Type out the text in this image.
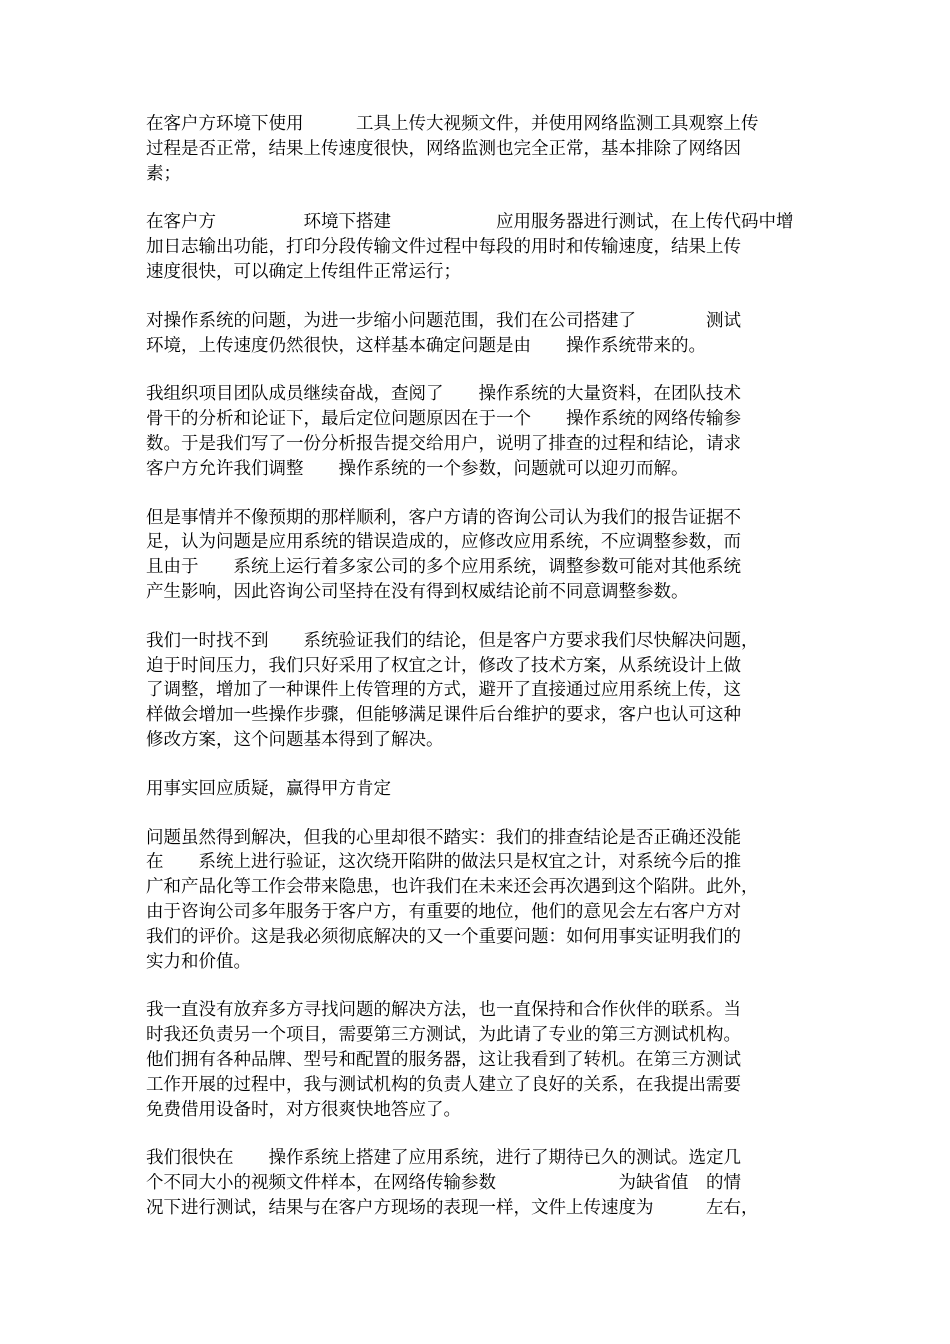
在客户方环境下使用　　　工具上传大视频文件，并使用网络监测工具观察上传
过程是否正常，结果上传速度很快，网络监测也完全正常，基本排除了网络因
素；

在客户方　　　　　环境下搭建　　　　　　应用服务器进行测试，在上传代码中增
加日志输出功能，打印分段传输文件过程中每段的用时和传输速度，结果上传
速度很快，可以确定上传组件正常运行；

对操作系统的问题，为进一步缩小问题范围，我们在公司搭建了　　　　测试
环境，上传速度仍然很快，这样基本确定问题是由　　操作系统带来的。

我组织项目团队成员继续奋战，查阅了　　操作系统的大量资料，在团队技术
骨干的分析和论证下，最后定位问题原因在于一个　　操作系统的网络传输参
数。于是我们写了一份分析报告提交给用户，说明了排查的过程和结论，请求
客户方允许我们调整　　操作系统的一个参数，问题就可以迎刃而解。

但是事情并不像预期的那样顺利，客户方请的咨询公司认为我们的报告证据不
足，认为问题是应用系统的错误造成的，应修改应用系统，不应调整参数，而
且由于　　系统上运行着多家公司的多个应用系统，调整参数可能对其他系统
产生影响，因此咨询公司坚持在没有得到权威结论前不同意调整参数。

我们一时找不到　　系统验证我们的结论，但是客户方要求我们尽快解决问题，
迫于时间压力，我们只好采用了权宜之计，修改了技术方案，从系统设计上做
了调整，增加了一种课件上传管理的方式，避开了直接通过应用系统上传，这
样做会增加一些操作步骤，但能够满足课件后台维护的要求，客户也认可这种
修改方案，这个问题基本得到了解决。

用事实回应质疑，赢得甲方肯定

问题虽然得到解决，但我的心里却很不踏实：我们的排查结论是否正确还没能
在　　系统上进行验证，这次绕开陷阱的做法只是权宜之计，对系统今后的推
广和产品化等工作会带来隐患，也许我们在未来还会再次遇到这个陷阱。此外，
由于咨询公司多年服务于客户方，有重要的地位，他们的意见会左右客户方对
我们的评价。这是我必须彻底解决的又一个重要问题：如何用事实证明我们的
实力和价值。

我一直没有放弃多方寻找问题的解决方法，也一直保持和合作伙伴的联系。当
时我还负责另一个项目，需要第三方测试，为此请了专业的第三方测试机构。
他们拥有各种品牌、型号和配置的服务器，这让我看到了转机。在第三方测试
工作开展的过程中，我与测试机构的负责人建立了良好的关系，在我提出需要
免费借用设备时，对方很爽快地答应了。

我们很快在　　操作系统上搭建了应用系统，进行了期待已久的测试。选定几
个不同大小的视频文件样本，在网络传输参数　　　　　　　为缺省值　的情
况下进行测试，结果与在客户方现场的表现一样，文件上传速度为　　　左右，
